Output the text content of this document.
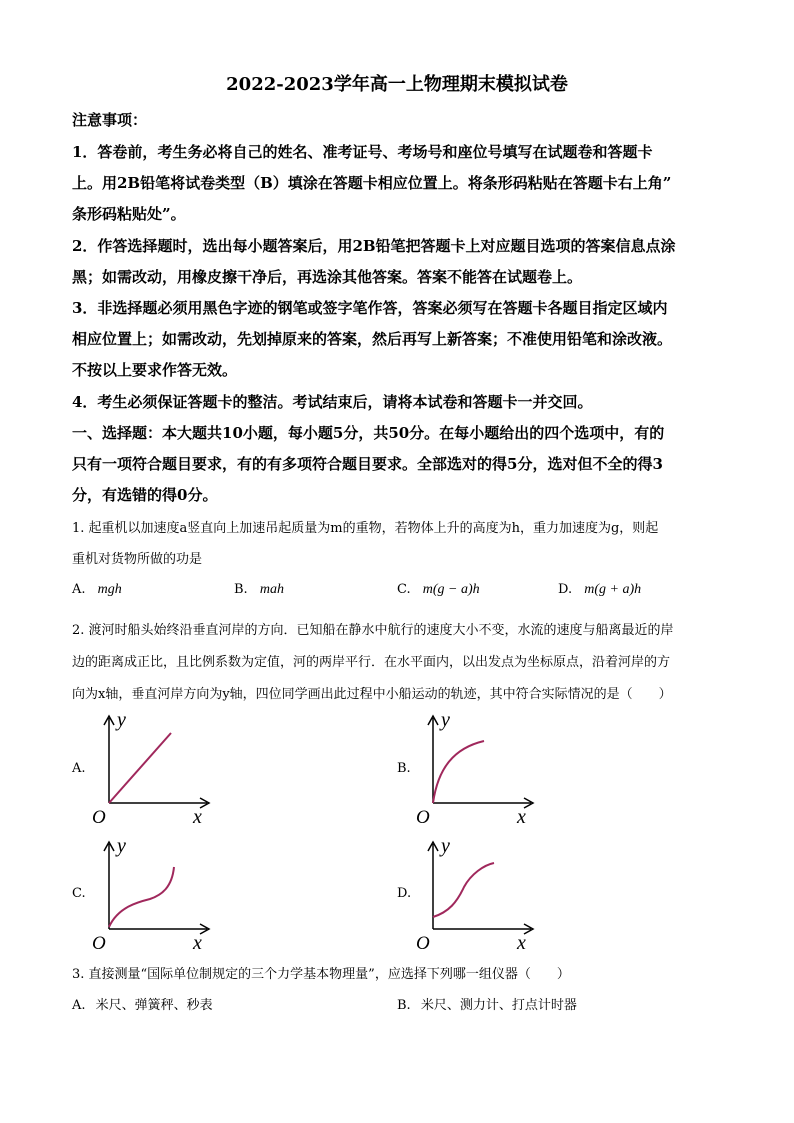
2022-2023学年高一上物理期末模拟试卷
注意事项：
1．答卷前，考生务必将自己的姓名、准考证号、考场号和座位号填写在试题卷和答题卡
上。用2B铅笔将试卷类型（B）填涂在答题卡相应位置上。将条形码粘贴在答题卡右上角”
条形码粘贴处”。
2．作答选择题时，选出每小题答案后，用2B铅笔把答题卡上对应题目选项的答案信息点涂
黑；如需改动，用橡皮擦干净后，再选涂其他答案。答案不能答在试题卷上。
3．非选择题必须用黑色字迹的钢笔或签字笔作答，答案必须写在答题卡各题目指定区域内
相应位置上；如需改动，先划掉原来的答案，然后再写上新答案；不准使用铅笔和涂改液。
不按以上要求作答无效。
4．考生必须保证答题卡的整洁。考试结束后，请将本试卷和答题卡一并交回。
一、选择题：本大题共10小题，每小题5分，共50分。在每小题给出的四个选项中，有的
只有一项符合题目要求，有的有多项符合题目要求。全部选对的得5分，选对但不全的得3
分，有选错的得0分。
1. 起重机以加速度a竖直向上加速吊起质量为m的重物，若物体上升的高度为h，重力加速度为g，则起
重机对货物所做的功是
A. mgh	B. mah	C. m(g − a)h	D. m(g + a)h
2. 渡河时船头始终沿垂直河岸的方向．已知船在静水中航行的速度大小不变，水流的速度与船离最近的岸
边的距离成正比，且比例系数为定值，河的两岸平行．在水平面内，以出发点为坐标原点，沿着河岸的方
向为x轴，垂直河岸方向为y轴，四位同学画出此过程中小船运动的轨迹，其中符合实际情况的是（　　）
A.
y
x
O
B.
y
x
O
C.
y
x
O
D.
y
x
O
3. 直接测量“国际单位制规定的三个力学基本物理量”，应选择下列哪一组仪器（　　）
A. 米尺、弹簧秤、秒表	B. 米尺、测力计、打点计时器
